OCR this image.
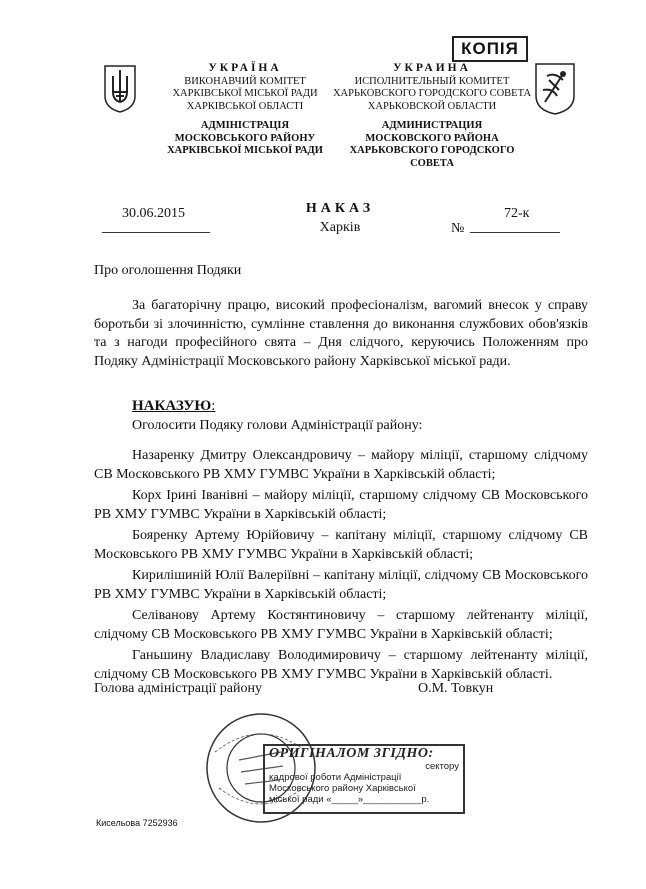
КОПІЯ
УКРАЇНА
ВИКОНАВЧИЙ КОМІТЕТ
ХАРКІВСЬКОЇ МІСЬКОЇ РАДИ
ХАРКІВСЬКОЇ ОБЛАСТІ
АДМІНІСТРАЦІЯ
МОСКОВСЬКОГО РАЙОНУ
ХАРКІВСЬКОЇ МІСЬКОЇ РАДИ
УКРАИНА
ИСПОЛНИТЕЛЬНЫЙ КОМИТЕТ
ХАРЬКОВСКОГО ГОРОДСКОГО СОВЕТА
ХАРЬКОВСКОЙ ОБЛАСТИ
АДМИНИСТРАЦИЯ
МОСКОВСКОГО РАЙОНА
ХАРЬКОВСКОГО ГОРОДСКОГО СОВЕТА
30.06.2015	НАКАЗ
Харків	№
72-к
Про оголошення Подяки
За багаторічну працю, високий професіоналізм, вагомий внесок у справу боротьби зі злочинністю, сумлінне ставлення до виконання службових обов'язків та з нагоди професійного свята – Дня слідчого, керуючись Положенням про Подяку Адміністрації Московського району Харківської міської ради.
НАКАЗУЮ:
Оголосити Подяку голови Адміністрації району:

Назаренку Дмитру Олександровичу – майору міліції, старшому слідчому СВ Московського РВ ХМУ ГУМВС України в Харківській області;

Корх Ірині Іванівні – майору міліції, старшому слідчому СВ Московського РВ ХМУ ГУМВС України в Харківській області;

Бояренку Артему Юрійовичу – капітану міліції, старшому слідчому СВ Московського РВ ХМУ ГУМВС України в Харківській області;

Кирилішиній Юлії Валеріївні – капітану міліції, слідчому СВ Московського РВ ХМУ ГУМВС України в Харківській області;

Селіванову Артему Костянтиновичу – старшому лейтенанту міліції, слідчому СВ Московського РВ ХМУ ГУМВС України в Харківській області;

Ганьшину Владиславу Володимировичу – старшому лейтенанту міліції, слідчому СВ Московського РВ ХМУ ГУМВС України в Харківській області.

Голова адміністрації району	О.М. Товкун
ОРИГІНАЛОМ ЗГІДНО:
сектору
кадрової роботи Адміністрації
Московського району Харківської
міської ради «_____»___________р.
Кисельова 7252936
